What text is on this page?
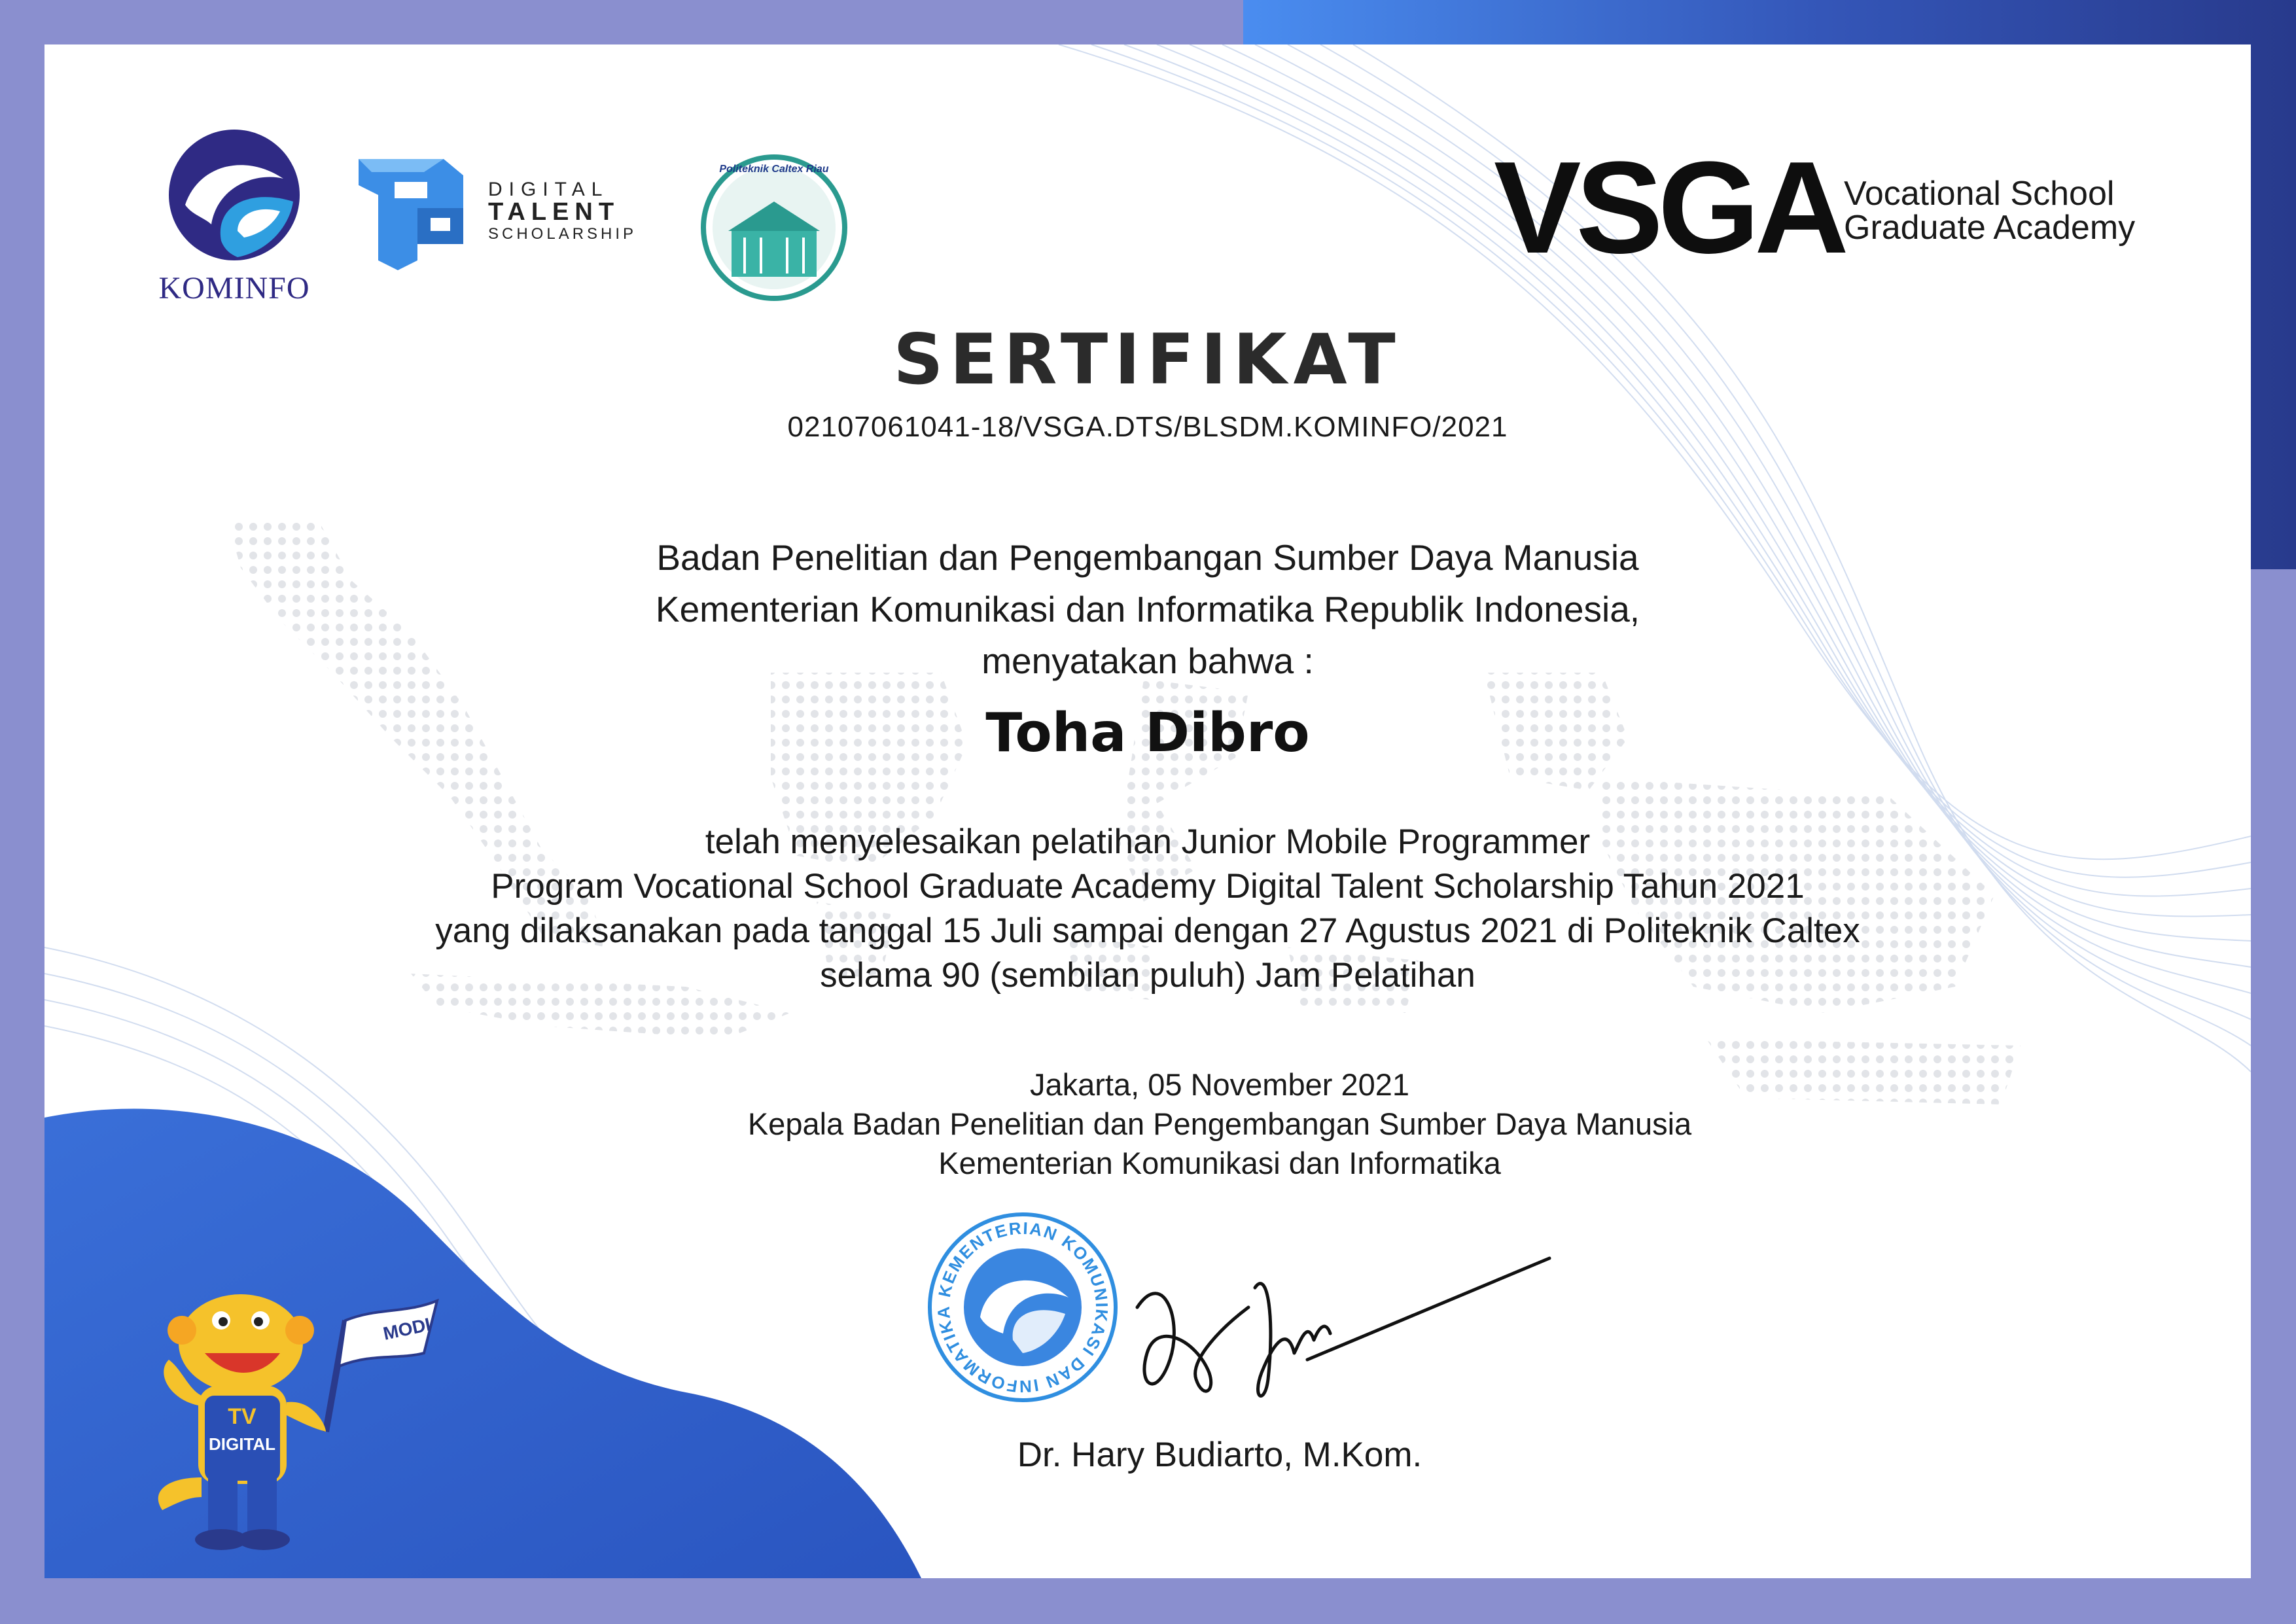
KOMINFO
DIGITAL
TALENT
SCHOLARSHIP
Politeknik Caltex Riau	VSGA Vocational School
Graduate Academy
SERTIFIKAT
02107061041-18/VSGA.DTS/BLSDM.KOMINFO/2021
Badan Penelitian dan Pengembangan Sumber Daya Manusia
Kementerian Komunikasi dan Informatika Republik Indonesia,
menyatakan bahwa :
Toha Dibro
telah menyelesaikan pelatihan Junior Mobile Programmer
Program Vocational School Graduate Academy Digital Talent Scholarship Tahun 2021
yang dilaksanakan pada tanggal 15 Juli sampai dengan 27 Agustus 2021 di Politeknik Caltex
selama 90 (sembilan puluh) Jam Pelatihan
Jakarta, 05 November 2021
Kepala Badan Penelitian dan Pengembangan Sumber Daya Manusia
Kementerian Komunikasi dan Informatika
KEMENTERIAN KOMUNIKASI DAN INFORMATIKA
Dr. Hary Budiarto, M.Kom.
MODI
TV
DIGITAL
